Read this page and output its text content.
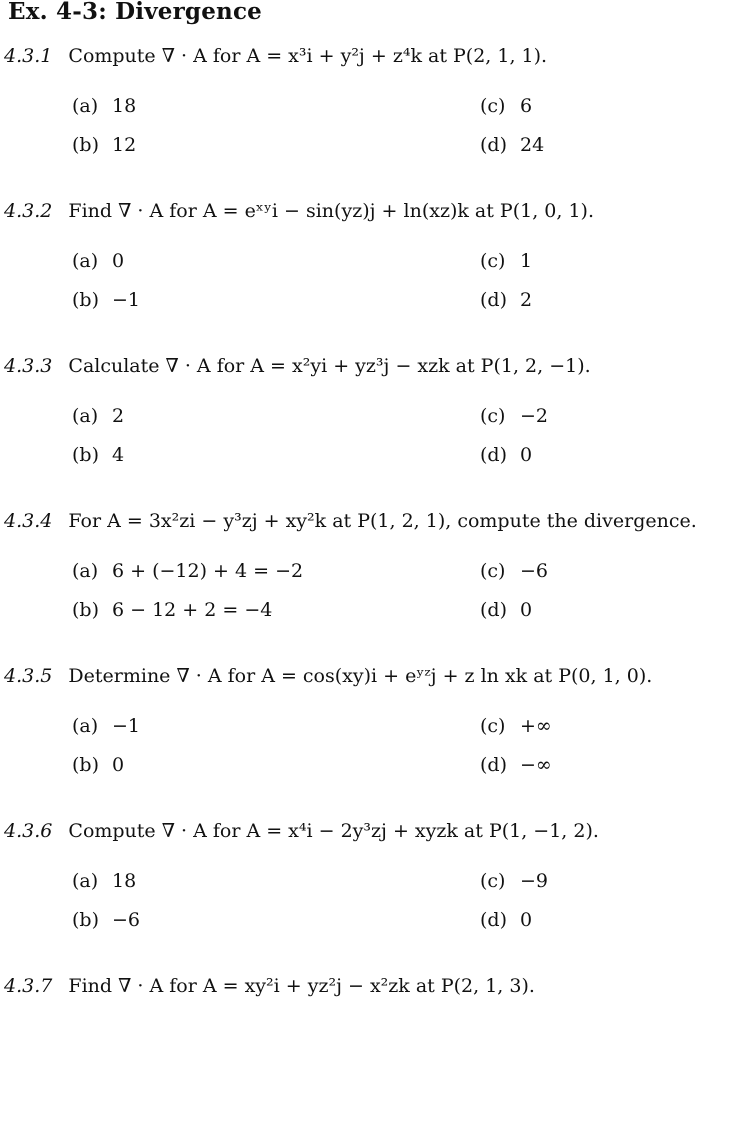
Ex. 4-3: Divergence
4.3.1 Compute ∇ · A for A = x³i + y²j + z⁴k at P(2, 1, 1).
(a) 18
(b) 12
(c) 6
(d) 24
4.3.2 Find ∇ · A for A = eˣʸi − sin(yz)j + ln(xz)k at P(1, 0, 1).
(a) 0
(b) −1
(c) 1
(d) 2
4.3.3 Calculate ∇ · A for A = x²yi + yz³j − xzk at P(1, 2, −1).
(a) 2
(b) 4
(c) −2
(d) 0
4.3.4 For A = 3x²zi − y³zj + xy²k at P(1, 2, 1), compute the divergence.
(a) 6 + (−12) + 4 = −2
(b) 6 − 12 + 2 = −4
(c) −6
(d) 0
4.3.5 Determine ∇ · A for A = cos(xy)i + eʸᶻj + z ln xk at P(0, 1, 0).
(a) −1
(b) 0
(c) +∞
(d) −∞
4.3.6 Compute ∇ · A for A = x⁴i − 2y³zj + xyzk at P(1, −1, 2).
(a) 18
(b) −6
(c) −9
(d) 0
4.3.7 Find ∇ · A for A = xy²i + yz²j − x²zk at P(2, 1, 3).
